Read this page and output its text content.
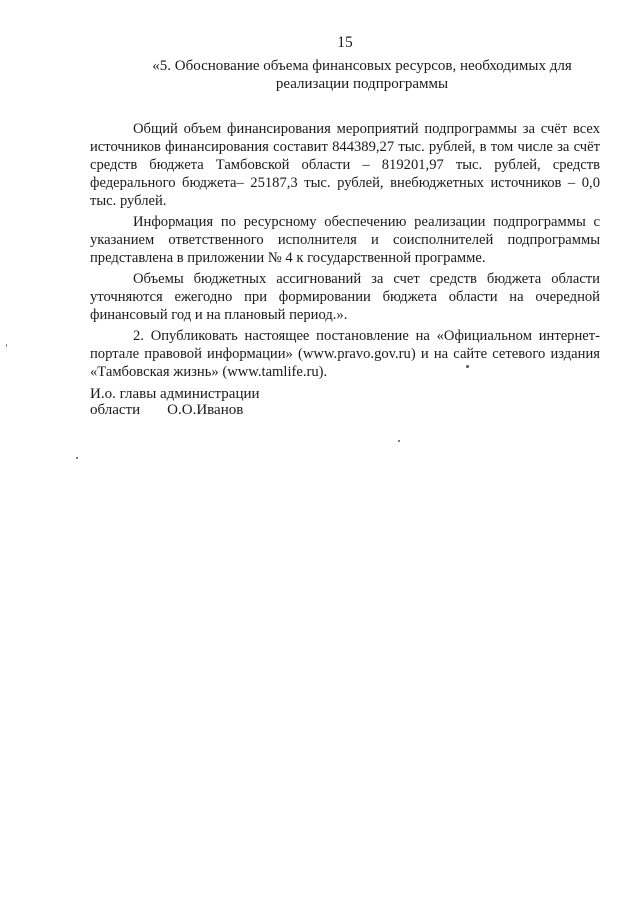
15
«5. Обоснование объема финансовых ресурсов, необходимых для
реализации подпрограммы

Общий объем финансирования мероприятий подпрограммы за счёт всех источников финансирования составит 844389,27 тыс. рублей, в том числе за счёт средств бюджета Тамбовской области – 819201,97 тыс. рублей, средств федерального бюджета– 25187,3 тыс. рублей, внебюджетных источников – 0,0 тыс. рублей.

Информация по ресурсному обеспечению реализации подпрограммы с указанием ответственного исполнителя и соисполнителей подпрограммы представлена в приложении № 4 к государственной программе.

Объемы бюджетных ассигнований за счет средств бюджета области уточняются ежегодно при формировании бюджета области на очередной финансовый год и на плановый период.».

2. Опубликовать настоящее постановление на «Официальном интернет-портале правовой информации» (www.pravo.gov.ru) и на сайте сетевого издания «Тамбовская жизнь» (www.tamlife.ru).

И.о. главы администрации
области О.О.Иванов
